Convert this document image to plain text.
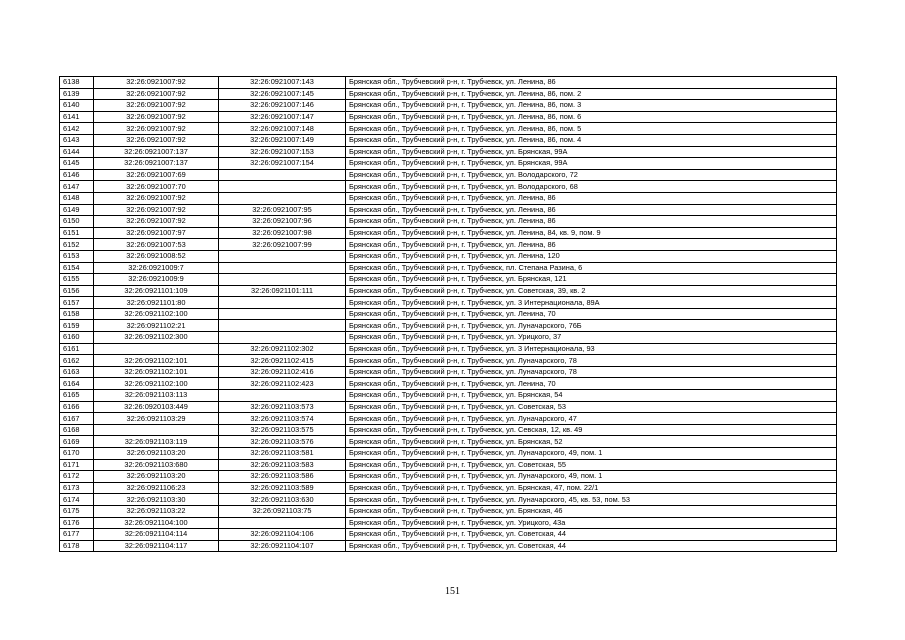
6138	32:26:0921007:92	32:26:0921007:143	Брянская обл., Трубчевский р-н, г. Трубчевск, ул. Ленина, 86
6139	32:26:0921007:92	32:26:0921007:145	Брянская обл., Трубчевский р-н, г. Трубчевск, ул. Ленина, 86, пом. 2
6140	32:26:0921007:92	32:26:0921007:146	Брянская обл., Трубчевский р-н, г. Трубчевск, ул. Ленина, 86, пом. 3
6141	32:26:0921007:92	32:26:0921007:147	Брянская обл., Трубчевский р-н, г. Трубчевск, ул. Ленина, 86, пом. 6
6142	32:26:0921007:92	32:26:0921007:148	Брянская обл., Трубчевский р-н, г. Трубчевск, ул. Ленина, 86, пом. 5
6143	32:26:0921007:92	32:26:0921007:149	Брянская обл., Трубчевский р-н, г. Трубчевск, ул. Ленина, 86, пом. 4
6144	32:26:0921007:137	32:26:0921007:153	Брянская обл., Трубчевский р-н, г. Трубчевск, ул. Брянская, 99А
6145	32:26:0921007:137	32:26:0921007:154	Брянская обл., Трубчевский р-н, г. Трубчевск, ул. Брянская, 99А
6146	32:26:0921007:69		Брянская обл., Трубчевский р-н, г. Трубчевск, ул. Володарского, 72
6147	32:26:0921007:70		Брянская обл., Трубчевский р-н, г. Трубчевск, ул. Володарского, 68
6148	32:26:0921007:92		Брянская обл., Трубчевский р-н, г. Трубчевск, ул. Ленина, 86
6149	32:26:0921007:92	32:26:0921007:95	Брянская обл., Трубчевский р-н, г. Трубчевск, ул. Ленина, 86
6150	32:26:0921007:92	32:26:0921007:96	Брянская обл., Трубчевский р-н, г. Трубчевск, ул. Ленина, 86
6151	32:26:0921007:97	32:26:0921007:98	Брянская обл., Трубчевский р-н, г. Трубчевск, ул. Ленина, 84, кв. 9, пом. 9
6152	32:26:0921007:53	32:26:0921007:99	Брянская обл., Трубчевский р-н, г. Трубчевск, ул. Ленина, 86
6153	32:26:0921008:52		Брянская обл., Трубчевский р-н, г. Трубчевск, ул. Ленина, 120
6154	32:26:0921009:7		Брянская обл., Трубчевский р-н, г. Трубчевск, пл. Степана Разина, 6
6155	32:26:0921009:9		Брянская обл., Трубчевский р-н, г. Трубчевск, ул. Брянская, 121
6156	32:26:0921101:109	32:26:0921101:111	Брянская обл., Трубчевский р-н, г. Трубчевск, ул. Советская, 39, кв. 2
6157	32:26:0921101:80		Брянская обл., Трубчевский р-н, г. Трубчевск, ул. 3 Интернационала, 89А
6158	32:26:0921102:100		Брянская обл., Трубчевский р-н, г. Трубчевск, ул. Ленина, 70
6159	32:26:0921102:21		Брянская обл., Трубчевский р-н, г. Трубчевск, ул. Луначарского, 76Б
6160	32:26:0921102:300		Брянская обл., Трубчевский р-н, г. Трубчевск, ул. Урицкого, 37
6161		32:26:0921102:302	Брянская обл., Трубчевский р-н, г. Трубчевск, ул. 3 Интернационала, 93
6162	32:26:0921102:101	32:26:0921102:415	Брянская обл., Трубчевский р-н, г. Трубчевск, ул. Луначарского, 78
6163	32:26:0921102:101	32:26:0921102:416	Брянская обл., Трубчевский р-н, г. Трубчевск, ул. Луначарского, 78
6164	32:26:0921102:100	32:26:0921102:423	Брянская обл., Трубчевский р-н, г. Трубчевск, ул. Ленина, 70
6165	32:26:0921103:113		Брянская обл., Трубчевский р-н, г. Трубчевск, ул. Брянская, 54
6166	32:26:0920103:449	32:26:0921103:573	Брянская обл., Трубчевский р-н, г. Трубчевск, ул. Советская, 53
6167	32:26:0921103:29	32:26:0921103:574	Брянская обл., Трубчевский р-н, г. Трубчевск, ул. Луначарского, 47
6168		32:26:0921103:575	Брянская обл., Трубчевский р-н, г. Трубчевск, ул. Севская, 12, кв. 49
6169	32:26:0921103:119	32:26:0921103:576	Брянская обл., Трубчевский р-н, г. Трубчевск, ул. Брянская, 52
6170	32:26:0921103:20	32:26:0921103:581	Брянская обл., Трубчевский р-н, г. Трубчевск, ул. Луначарского, 49, пом. 1
6171	32:26:0921103:680	32:26:0921103:583	Брянская обл., Трубчевский р-н, г. Трубчевск, ул. Советская, 55
6172	32:26:0921103:20	32:26:0921103:586	Брянская обл., Трубчевский р-н, г. Трубчевск, ул. Луначарского, 49, пом. 1
6173	32:26:0921106:23	32:26:0921103:589	Брянская обл., Трубчевский р-н, г. Трубчевск, ул. Брянская, 47, пом. 22/1
6174	32:26:0921103:30	32:26:0921103:630	Брянская обл., Трубчевский р-н, г. Трубчевск, ул. Луначарского, 45, кв. 53, пом. 53
6175	32:26:0921103:22	32:26:0921103:75	Брянская обл., Трубчевский р-н, г. Трубчевск, ул. Брянская, 46
6176	32:26:0921104:100		Брянская обл., Трубчевский р-н, г. Трубчевск, ул. Урицкого, 43а
6177	32:26:0921104:114	32:26:0921104:106	Брянская обл., Трубчевский р-н, г. Трубчевск, ул. Советская, 44
6178	32:26:0921104:117	32:26:0921104:107	Брянская обл., Трубчевский р-н, г. Трубчевск, ул. Советская, 44
151
